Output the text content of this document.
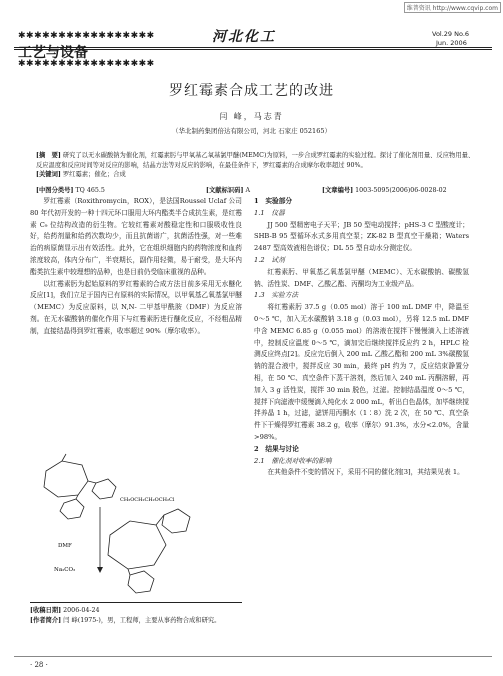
维普资讯 http://www.cqvip.com
河北化工	Vol.29 No.6
Jun. 2006
✱✱✱✱✱✱✱✱✱✱✱✱✱✱✱✱✱
工艺与设备
✱✱✱✱✱✱✱✱✱✱✱✱✱✱✱✱✱
罗红霉素合成工艺的改进
闫 峰，马志青
（华北制药集团倍达有限公司，河北 石家庄 052165）
[摘　要] 研究了以无水碳酸钠为催化剂，红霉素肟与甲氧基乙氧基氯甲醚(MEMC)为原料，一步合成罗红霉素的实验过程。探讨了催化剂用量、反应物用量、反应温度和反应时间等对反应的影响，结晶方法等对反应的影响，在最佳条件下，罗红霉素的合成摩尔收率超过 90%。
[关键词] 罗红霉素；催化；合成
[中图分类号] TQ 465.5	[文献标识码] A	[文章编号] 1003-5095(2006)06-0028-02

罗红霉素（Roxithromycin，ROX），是法国Roussel Uclaf 公司 80 年代初开发的一种十四元环口服用大环内酯类半合成抗生素，是红霉素 C₉ 位结构改造的衍生物。它较红霉素对酸稳定性和口服吸收性良好，给药剂量和给药次数均少，而且抗菌谱广，抗菌活性强，对一些难治的病原菌显示出有效活性。此外，它在组织细胞内的药物浓度和血药浓度较高，体内分布广，半衰期长，副作用轻微，易于耐受，是大环内酯类抗生素中较理想的品种，也是目前仍受临床重视的品种。

以红霉素肟为起始原料的罗红霉素的合成方法目前多采用无水醚化反应[1]，我们立足于国内已有原料的实际情况，以甲氧基乙氧基氯甲醚（MEMC）为反应原料，以 N,N- 二甲基甲酰胺（DMF）为反应溶剂。在无水碳酸钠的催化作用下与红霉素肟进行醚化反应，不经粗品精制，直接结晶得到罗红霉素，收率超过 90%（摩尔收率）。

CH₃OCH₂CH₂OCH₂Cl
DMF
Na₂CO₃
[收稿日期] 2006-04-24
[作者简介] 闫 峰(1975-)，男，工程师，主要从事药物合成和研究。

1　实验部分

1.1　仪器

JJ 500 型精密电子天平；JB 50 型电动搅拌；pHS-3 C 型酸度计；SHB-B 95 型循环水式多用真空泵；ZK-82 B 型真空干燥箱；Waters 2487 型高效液相色谱仪；DL 55 型自动水分测定仪。

1.2　试剂

红霉素肟、甲氧基乙氧基氯甲醚（MEMC）、无水碳酸钠、碳酸氢钠、活性炭、DMF、乙酸乙酯、丙酮均为工业级产品。

1.3　实验方法

将红霉素肟 37.5 g（0.05 mol）溶于 100 mL DMF 中，降温至 0～5 ℃，加入无水碳酸钠 3.18 g（0.03 mol），另将 12.5 mL DMF 中含 MEMC 6.85 g（0.055 mol）的溶液在搅拌下慢慢滴入上述溶液中，控制反应温度 0～5 ℃，滴加完后继续搅拌反应约 2 h，HPLC 检测反应终点[2]。反应完后倒入 200 mL 乙酸乙酯和 200 mL 3%碳酸氢钠的混合液中，搅拌反应 30 min，最终 pH 约为 7，反应结束静置分相，在 50 ℃、真空条件下蒸干溶剂，然后加入 240 mL 丙酮溶解，再加入 3 g 活性炭，搅拌 30 min 脱色，过滤。控制结晶温度 0～5 ℃，搅拌下向滤液中缓慢滴入纯化水 2 000 mL，析出白色晶体，加毕继续搅拌养晶 1 h，过滤，滤饼用丙酮水（1∶8）洗 2 次，在 50 ℃、真空条件下干燥得罗红霉素 38.2 g，收率（摩尔）91.3%，水分<2.0%，含量>98%。

2　结果与讨论

2.1　催化剂对收率的影响

在其他条件不变的情况下，采用不同的催化剂[3]，其结果见表 1。

· 28 ·
